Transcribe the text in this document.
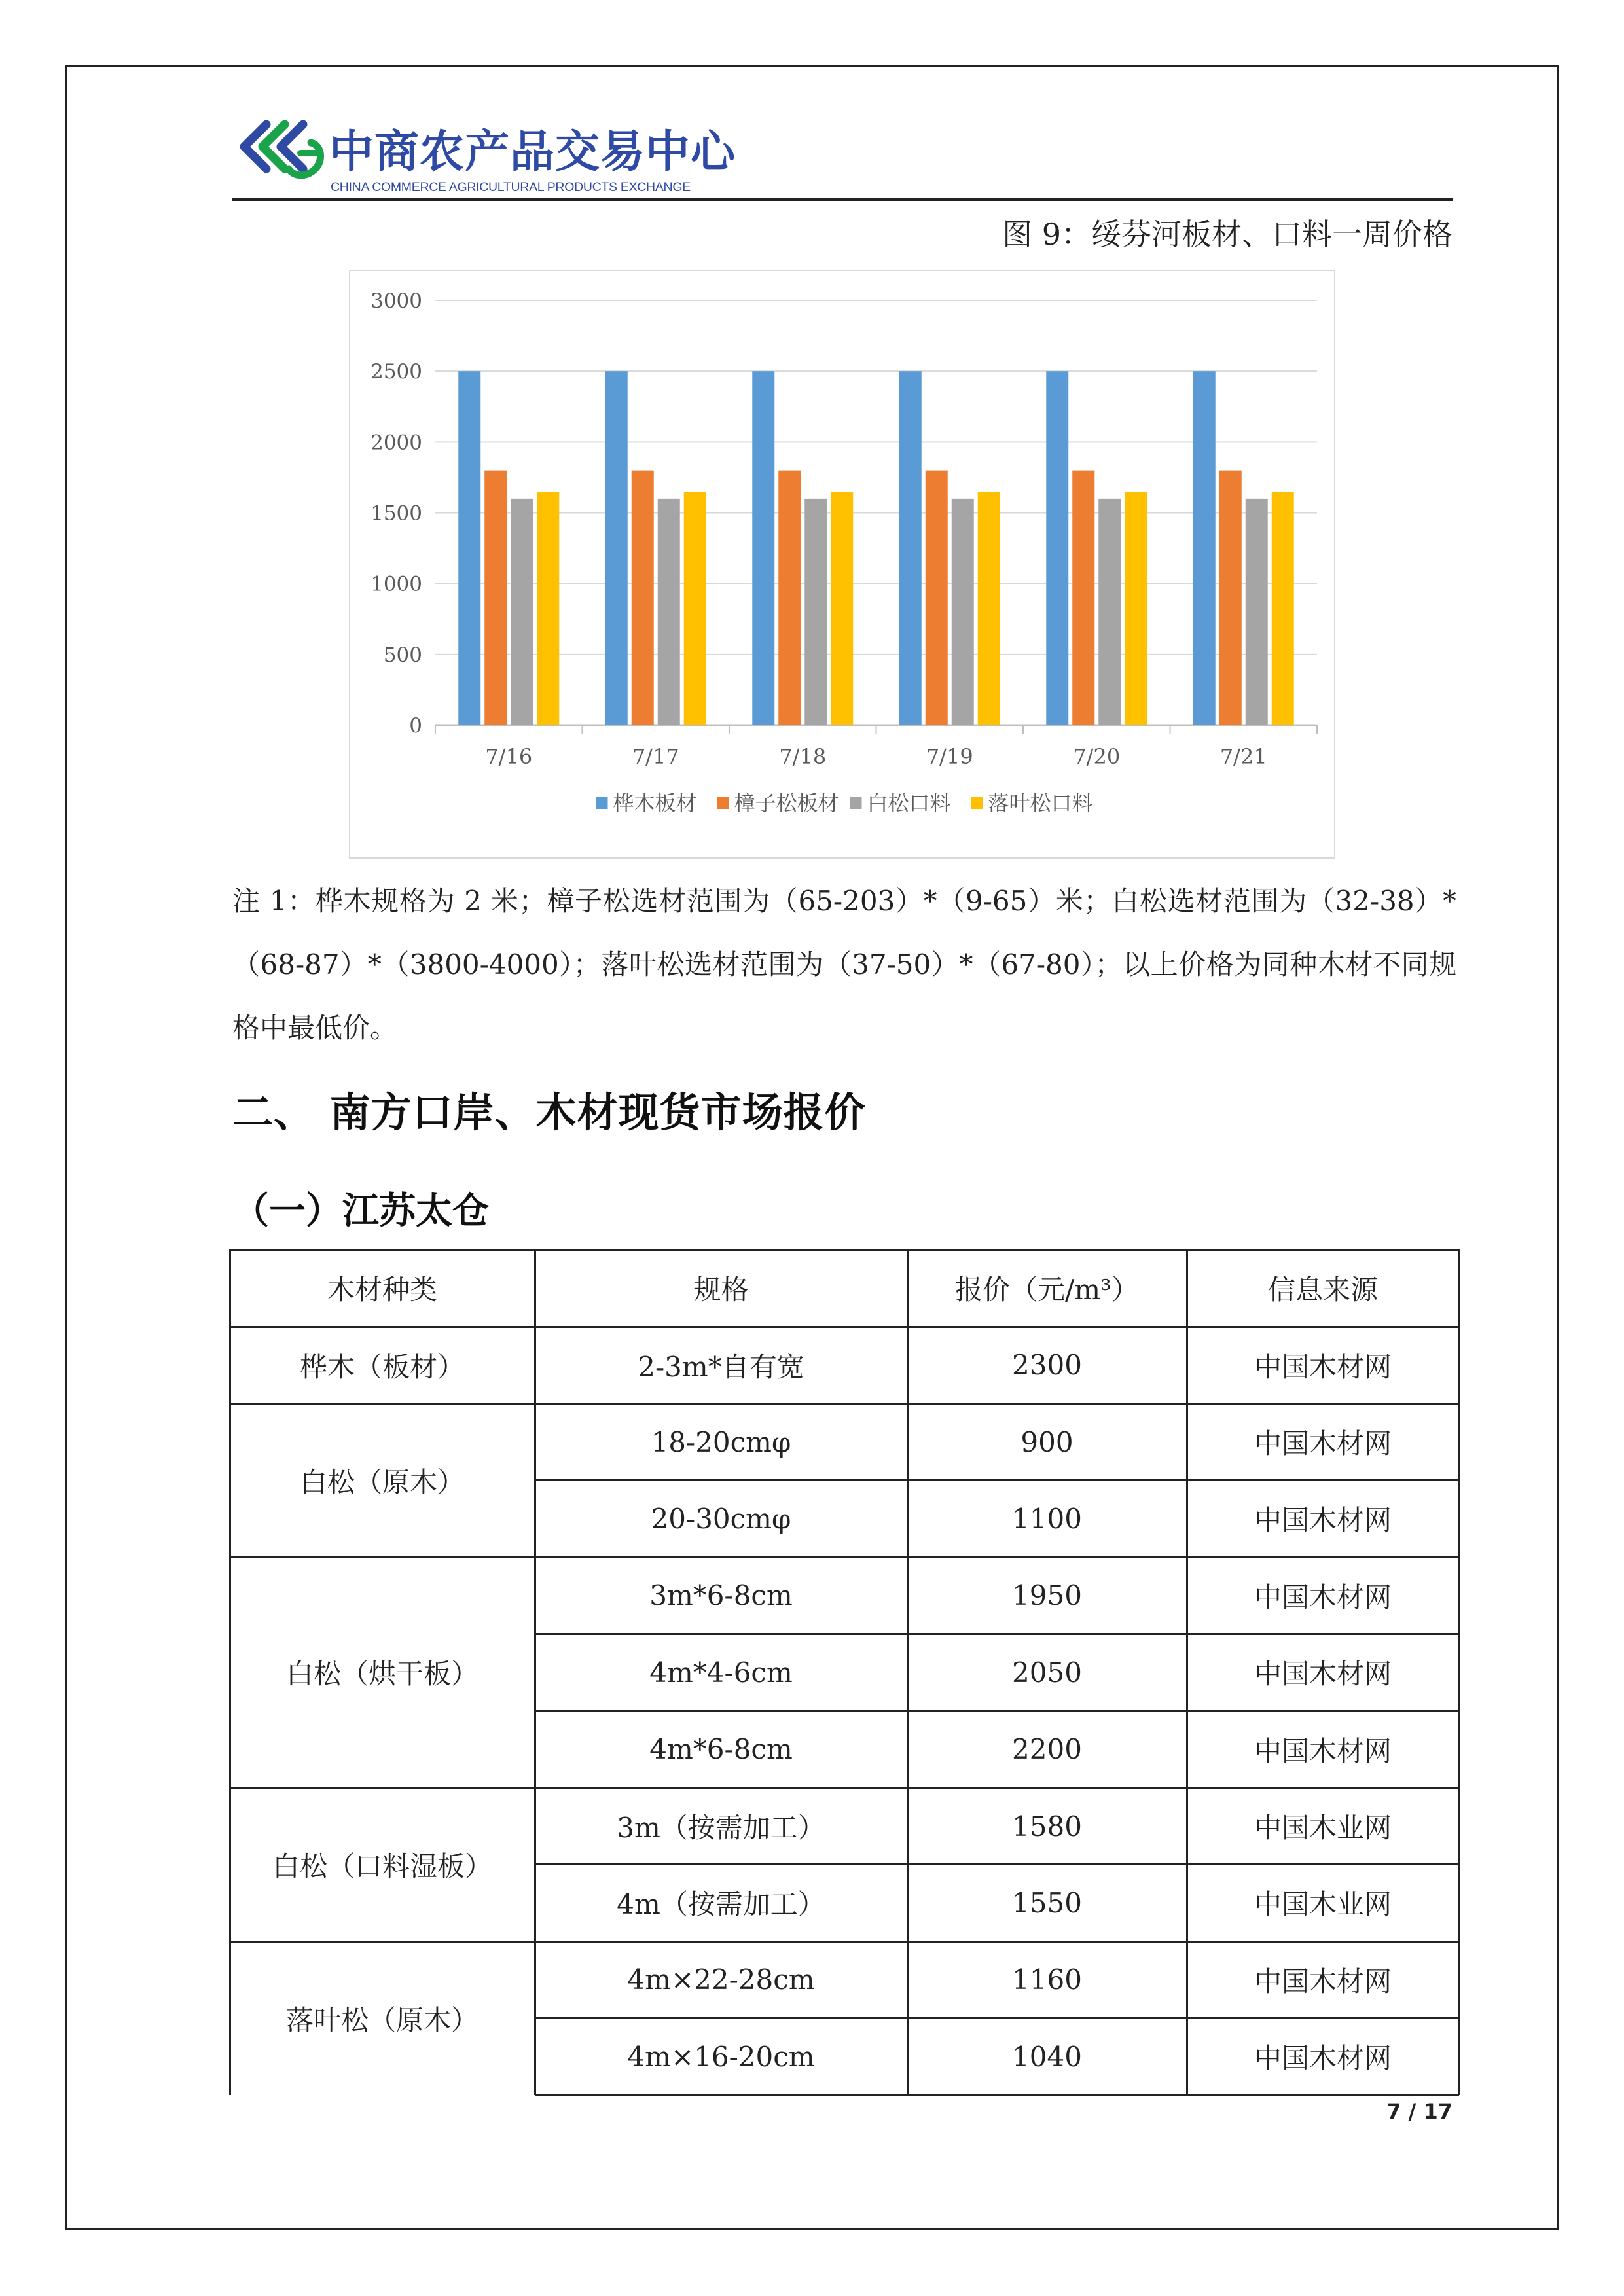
中商农产品交易中心
CHINA COMMERCE AGRICULTURAL PRODUCTS EXCHANGE
图 9：绥芬河板材、口料一周价格
0
500
1000
1500
2000
2500
3000
7/16	7/17	7/18	7/19	7/20	7/21
桦木板材 樟子松板材 白松口料 落叶松口料
注 1：桦木规格为 2 米；樟子松选材范围为（65-203）*（9-65）米；白松选材范围为（32-38）*（68-87）*（3800-4000）；落叶松选材范围为（37-50）*（67-80）；以上价格为同种木材不同规格中最低价。
二、 南方口岸、木材现货市场报价
（一）江苏太仓
木材种类	规格	报价（元/m³）	信息来源
桦木（板材）	2-3m*自有宽	2300	中国木材网
白松（原木）
18-20cmφ	900	中国木材网
20-30cmφ	1100	中国木材网
白松（烘干板）
3m*6-8cm	1950	中国木材网
4m*4-6cm	2050	中国木材网
4m*6-8cm	2200	中国木材网
白松（口料湿板）
3m（按需加工）	1580	中国木业网
4m（按需加工）	1550	中国木业网
落叶松（原木）
4m×22-28cm	1160	中国木材网
4m×16-20cm	1040	中国木材网
7 / 17
